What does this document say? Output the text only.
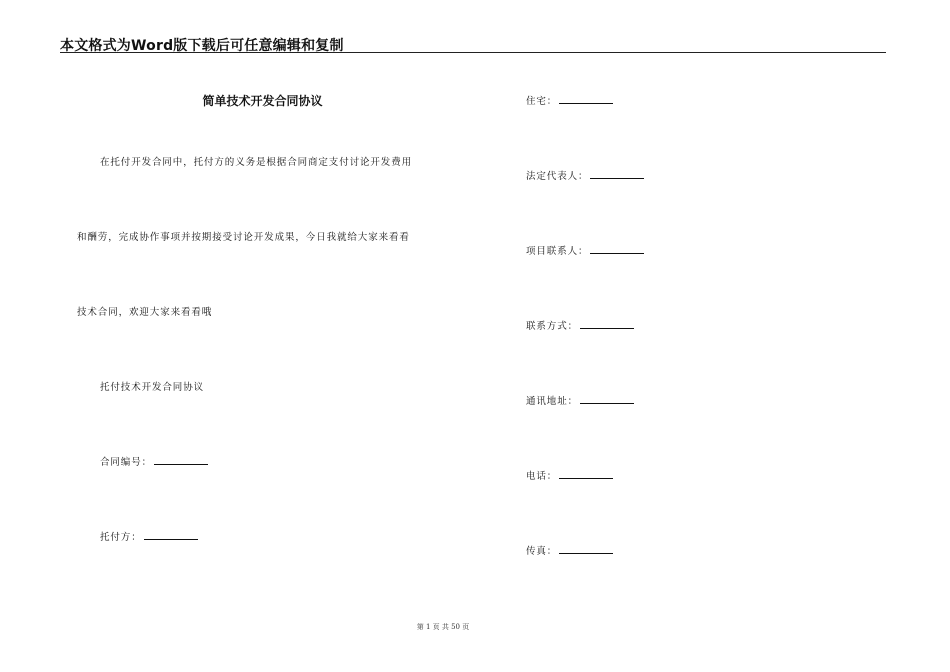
本文格式为Word版下载后可任意编辑和复制
简单技术开发合同协议
在托付开发合同中，托付方的义务是根据合同商定支付讨论开发费用
和酬劳，完成协作事项并按期接受讨论开发成果，今日我就给大家来看看
技术合同，欢迎大家来看看哦
托付技术开发合同协议
合同编号：
托付方：
住宅：
法定代表人：
项目联系人：
联系方式：
通讯地址：
电话：
传真：
第 1 页 共 50 页
